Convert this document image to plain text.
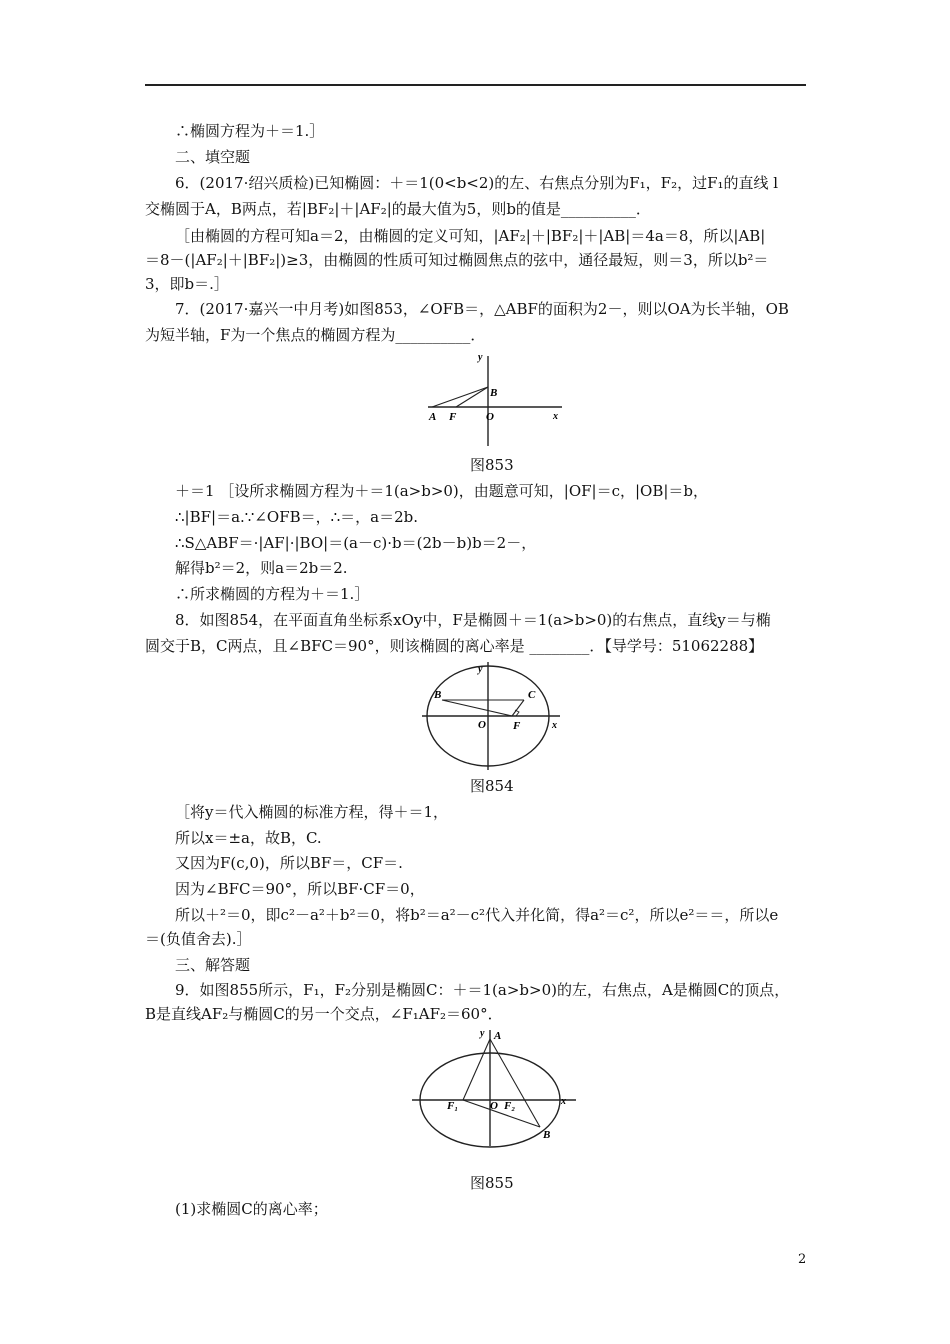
∴椭圆方程为＋＝1.］
二、填空题
6．(2017·绍兴质检)已知椭圆：＋＝1(0<b<2)的左、右焦点分别为F₁，F₂，过F₁的直线 l
交椭圆于A，B两点，若|BF₂|＋|AF₂|的最大值为5，则b的值是__________．
［由椭圆的方程可知a＝2，由椭圆的定义可知，|AF₂|＋|BF₂|＋|AB|＝4a＝8，所以|AB|
＝8－(|AF₂|＋|BF₂|)≥3，由椭圆的性质可知过椭圆焦点的弦中，通径最短，则＝3，所以b²＝
3，即b＝.］
7．(2017·嘉兴一中月考)如图853，∠OFB＝，△ABF的面积为2－，则以OA为长半轴，OB
为短半轴，F为一个焦点的椭圆方程为__________．
y
x
A F	O
B
图853
＋＝1 ［设所求椭圆方程为＋＝1(a>b>0)，由题意可知，|OF|＝c，|OB|＝b，
∴|BF|＝a.∵∠OFB＝，∴＝，a＝2b.
∴S△ABF＝·|AF|·|BO|＝(a－c)·b＝(2b－b)b＝2－，
解得b²＝2，则a＝2b＝2.
∴所求椭圆的方程为＋＝1.］
8．如图854，在平面直角坐标系xOy中，F是椭圆＋＝1(a>b>0)的右焦点，直线y＝与椭
圆交于B，C两点，且∠BFC＝90°，则该椭圆的离心率是 ________．【导学号：51062288】
y
x
B	C
O F
图854
［将y＝代入椭圆的标准方程，得＋＝1，
所以x＝±a，故B，C.
又因为F(c,0)，所以BF＝，CF＝.
因为∠BFC＝90°，所以BF·CF＝0，
所以＋²＝0，即c²－a²＋b²＝0，将b²＝a²－c²代入并化简，得a²＝c²，所以e²＝＝，所以e
＝(负值舍去).］
三、解答题
9．如图855所示，F₁，F₂分别是椭圆C：＋＝1(a>b>0)的左，右焦点，A是椭圆C的顶点，
B是直线AF₂与椭圆C的另一个交点，∠F₁AF₂＝60°．
y
x
A
F₁	O F₂
B
图855
(1)求椭圆C的离心率；
2
